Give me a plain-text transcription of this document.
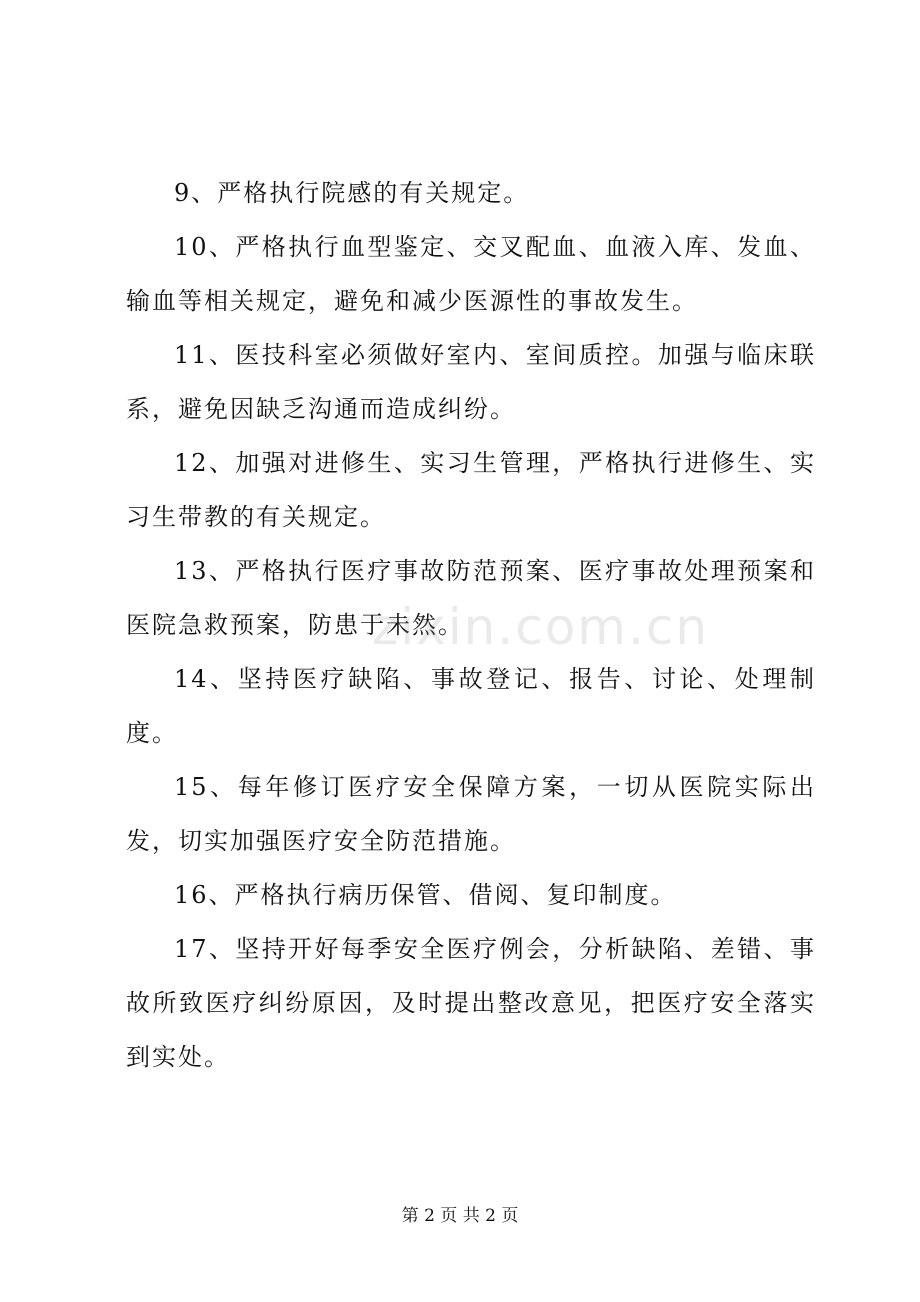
9、严格执行院感的有关规定。

10、严格执行血型鉴定、交叉配血、血液入库、发血、输血等相关规定，避免和减少医源性的事故发生。

11、医技科室必须做好室内、室间质控。加强与临床联系，避免因缺乏沟通而造成纠纷。

12、加强对进修生、实习生管理，严格执行进修生、实习生带教的有关规定。

13、严格执行医疗事故防范预案、医疗事故处理预案和医院急救预案，防患于未然。

14、坚持医疗缺陷、事故登记、报告、讨论、处理制度。

15、每年修订医疗安全保障方案，一切从医院实际出发，切实加强医疗安全防范措施。

16、严格执行病历保管、借阅、复印制度。

17、坚持开好每季安全医疗例会，分析缺陷、差错、事故所致医疗纠纷原因，及时提出整改意见，把医疗安全落实到实处。

zixin.com.cn
第 2 页 共 2 页
